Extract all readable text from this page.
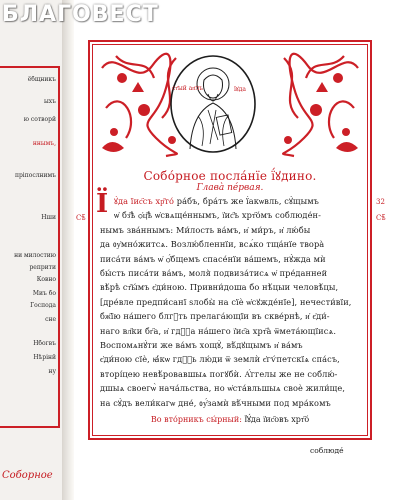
ёбщникъ
ыхъ
ю сотворй
ннымъ,
пріпослнимъ
Нши
ни милостию
реприти
Ковно
Миъ бо
Господа
сне
Нбогвъ
Нѣрінй
ну
Соборное
ст҃ый ап҃лъ	їꙋда
Собо́рное посла́нїе ї́ꙋдино.
Глава̀ пе́рвая.
Ї ꙋ́да їис҃съ хр҃то́ ра́бъ, бра́тъ же ї́акѡвль, сꙋ́щымъ
ѡ҆ бз҃ѣ ѻ҆ц҃ѣ ѡ҆свѧще́ннымъ, ї҆ис҃ъ хрт҃о́мъ соблюде́н-
нымъ зва́ннымъ: Ми́лость ва́мъ, и҆ ми́ръ, и҆ лю́бы
да ᲂу҆мно́житсѧ. Возлю́бленнїи, всѧ́ко тща́нїе твора̀
пиcа́ти ва́мъ ѡ҆ ѻ҆́бщемъ спасе́нїи ва́шемъ, нꙋ́жда мѝ
бы́сть писа́ти ва́мъ, моля̀ подвиза́тисѧ ѡ҆ пре́данней
вѣ́рѣ ст҃ы́мъ є҆ди́ною. Привни́доша бо нѣ́цыи человѣ́цы,
[дре́вле предпи́санї ѕлобы̀ на сїѐ ѡ҆сꙋжде́нїе], нечести́вїи,
бж҃їю на́шего блгⷣть прелага́ющїи въ скве́рнѣ, и҆ є҆ди́-
наго вл҃ки бг҃а, и҆ гдⷭ҇а на́шего ї҆ис҃а хрт҃а̀ ѿмета́ющїисѧ.
Воспомѧнꙋ́ти же ва́мъ хощꙋ̀, вѣ́дꙋщымъ и҆ ва́мъ
є҆ди́ною сїѐ, ꙗ҆́кѡ гдⷭ҇ь лю́ди ѿ землѝ є҆гѵ́петскїѧ спа́съ,
вторі́цею невѣ́ровавшыѧ погꙋбѝ. А҆́ггелы же не соблю́-
дшыѧ своегѡ̀ нача́льства, но ѡ҆ста́вльшыѧ своѐ жили́ще,
на сꙋ́дъ вели́кагѡ дне́, ᲂу҆́замѝ вѣ́чными под мра́комъ
Сѣ̑
32
Сѣ̑
Во вто́рникъ сы́рный: Ї҆ꙋ́да ї҆ис҃овъ хрт҃о́
соблюде́
БЛАГОВЕСТ
